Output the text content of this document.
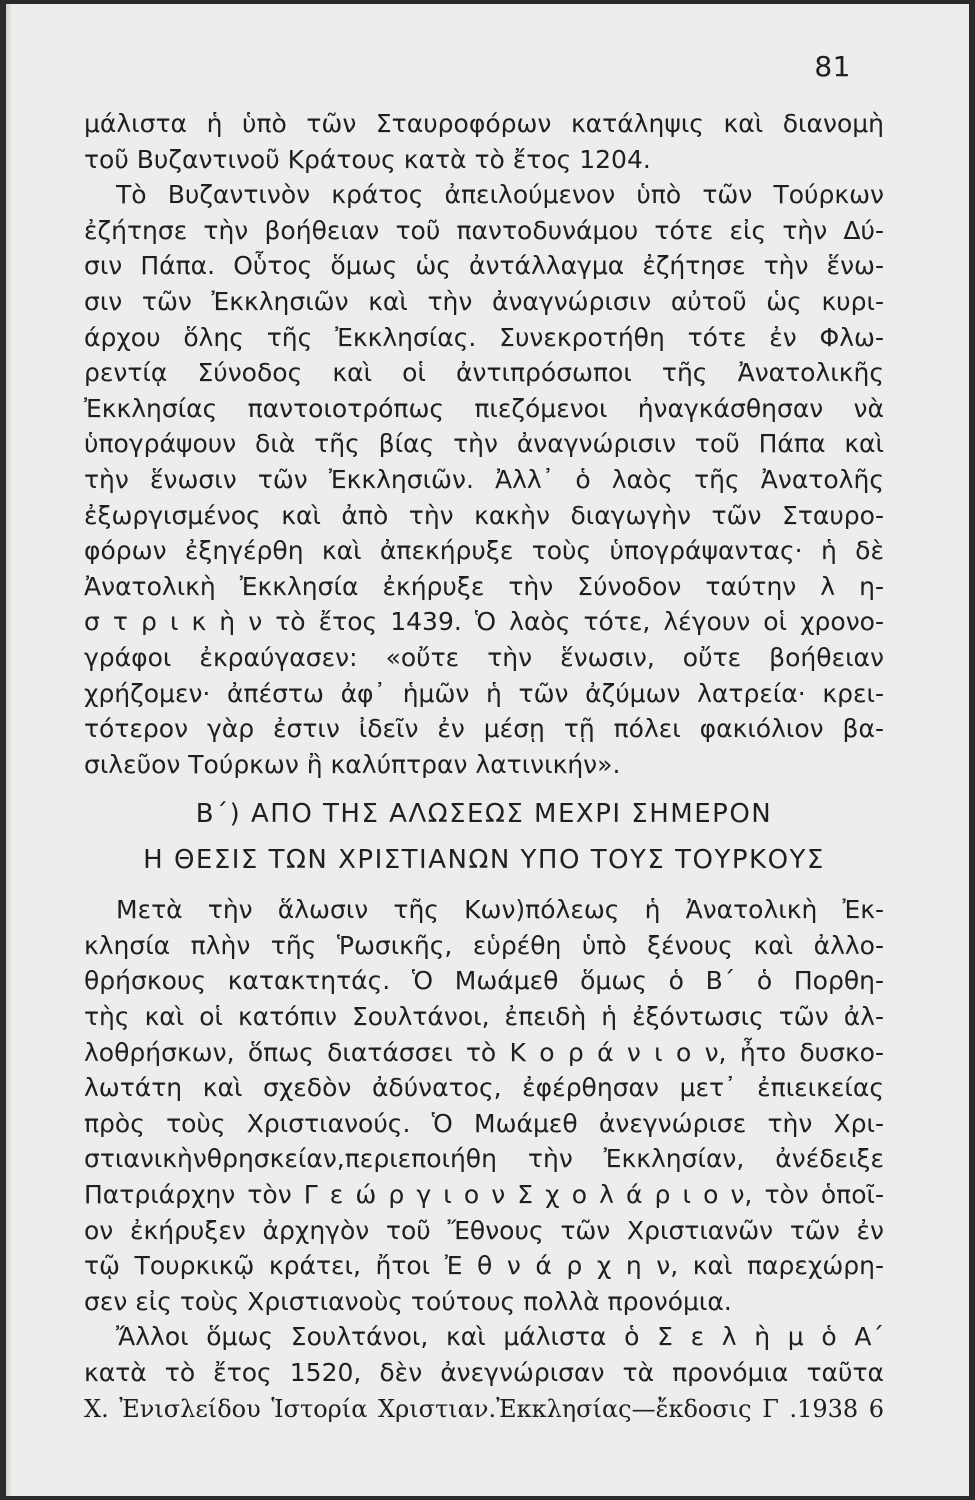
81
μάλιστα ἡ ὑπὸ τῶν Σταυροφόρων κατάληψις καὶ διανομὴ
τοῦ Βυζαντινοῦ Κράτους κατὰ τὸ ἔτος 1204.
Τὸ Βυζαντινὸν κράτος ἀπειλούμενον ὑπὸ τῶν Τούρκων
ἐζήτησε τὴν βοήθειαν τοῦ παντοδυνάμου τότε εἰς τὴν Δύ-
σιν Πάπα. Οὗτος ὅμως ὡς ἀντάλλαγμα ἐζήτησε τὴν ἕνω-
σιν τῶν Ἐκκλησιῶν καὶ τὴν ἀναγνώρισιν αὐτοῦ ὡς κυρι-
άρχου ὅλης τῆς Ἐκκλησίας. Συνεκροτήθη τότε ἐν Φλω-
ρεντίᾳ Σύνοδος καὶ οἱ ἀντιπρόσωποι τῆς Ἀνατολικῆς
Ἐκκλησίας παντοιοτρόπως πιεζόμενοι ἠναγκάσθησαν νὰ
ὑπογράψουν διὰ τῆς βίας τὴν ἀναγνώρισιν τοῦ Πάπα καὶ
τὴν ἕνωσιν τῶν Ἐκκλησιῶν. Ἀλλ᾽ ὁ λαὸς τῆς Ἀνατολῆς
ἐξωργισμένος καὶ ἀπὸ τὴν κακὴν διαγωγὴν τῶν Σταυρο-
φόρων ἐξηγέρθη καὶ ἀπεκήρυξε τοὺς ὑπογράψαντας· ἡ δὲ
Ἀνατολικὴ Ἐκκλησία ἐκήρυξε τὴν Σύνοδον ταύτην λ η-
σ τ ρ ι κ ὴ ν τὸ ἔτος 1439. Ὁ λαὸς τότε, λέγουν οἱ χρονο-
γράφοι ἐκραύγασεν: «οὔτε τὴν ἕνωσιν, οὔτε βοήθειαν
χρήζομεν· ἀπέστω ἀφ᾽ ἡμῶν ἡ τῶν ἀζύμων λατρεία· κρει-
τότερον γὰρ ἐστιν ἰδεῖν ἐν μέσῃ τῇ πόλει φακιόλιον βα-
σιλεῦον Τούρκων ἢ καλύπτραν λατινικήν».
Β΄) ΑΠΟ ΤΗΣ ΑΛΩΣΕΩΣ ΜΕΧΡΙ ΣΗΜΕΡΟΝ
Η ΘΕΣΙΣ ΤΩΝ ΧΡΙΣΤΙΑΝΩΝ ΥΠΟ ΤΟΥΣ ΤΟΥΡΚΟΥΣ
Μετὰ τὴν ἅλωσιν τῆς Κων)πόλεως ἡ Ἀνατολικὴ Ἐκ-
κλησία πλὴν τῆς Ῥωσικῆς, εὑρέθη ὑπὸ ξένους καὶ ἀλλο-
θρήσκους κατακτητάς. Ὁ Μωάμεθ ὅμως ὁ Β΄ ὁ Πορθη-
τὴς καὶ οἱ κατόπιν Σουλτάνοι, ἐπειδὴ ἡ ἐξόντωσις τῶν ἀλ-
λοθρήσκων, ὅπως διατάσσει τὸ Κ ο ρ ά ν ι ο ν, ἦτο δυσκο-
λωτάτη καὶ σχεδὸν ἀδύνατος, ἐφέρθησαν μετ᾽ ἐπιεικείας
πρὸς τοὺς Χριστιανούς. Ὁ Μωάμεθ ἀνεγνώρισε τὴν Χρι-
στιανικὴνθρησκείαν,περιεποιήθη τὴν Ἐκκλησίαν, ἀνέδειξε
Πατριάρχην τὸν Γ ε ώ ρ γ ι ο ν Σ χ ο λ ά ρ ι ο ν, τὸν ὁποῖ-
ον ἐκήρυξεν ἀρχηγὸν τοῦ Ἔθνους τῶν Χριστιανῶν τῶν ἐν
τῷ Τουρκικῷ κράτει, ἤτοι Ἐ θ ν ά ρ χ η ν, καὶ παρεχώρη-
σεν εἰς τοὺς Χριστιανοὺς τούτους πολλὰ προνόμια.
Ἄλλοι ὅμως Σουλτάνοι, καὶ μάλιστα ὁ Σ ε λ ὴ μ ὁ Α΄
κατὰ τὸ ἔτος 1520, δὲν ἀνεγνώρισαν τὰ προνόμια ταῦτα
Χ. Ἐνισλείδου Ἱστορία Χριστιαν.Ἐκκλησίας—ἔκδοσις Γ .1938 6
